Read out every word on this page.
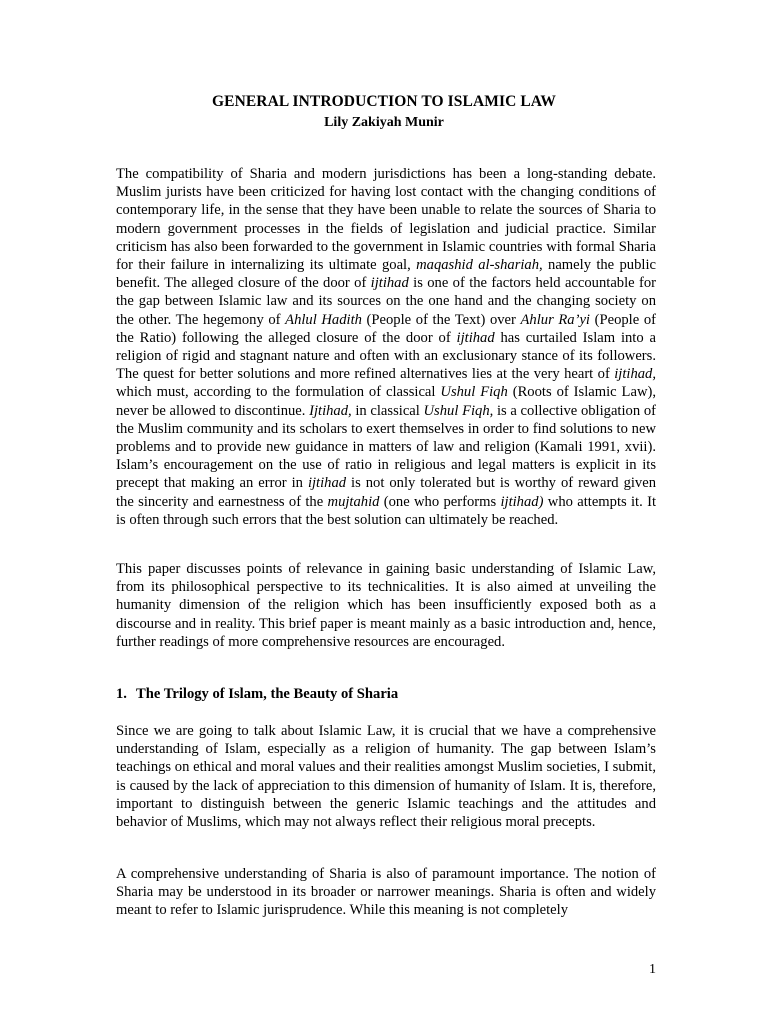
GENERAL INTRODUCTION TO ISLAMIC LAW
Lily Zakiyah Munir

The compatibility of Sharia and modern jurisdictions has been a long-standing debate. Muslim jurists have been criticized for having lost contact with the changing conditions of contemporary life, in the sense that they have been unable to relate the sources of Sharia to modern government processes in the fields of legislation and judicial practice. Similar criticism has also been forwarded to the government in Islamic countries with formal Sharia for their failure in internalizing its ultimate goal, maqashid al-shariah, namely the public benefit. The alleged closure of the door of ijtihad is one of the factors held accountable for the gap between Islamic law and its sources on the one hand and the changing society on the other. The hegemony of Ahlul Hadith (People of the Text) over Ahlur Ra’yi (People of the Ratio) following the alleged closure of the door of ijtihad has curtailed Islam into a religion of rigid and stagnant nature and often with an exclusionary stance of its followers. The quest for better solutions and more refined alternatives lies at the very heart of ijtihad, which must, according to the formulation of classical Ushul Fiqh (Roots of Islamic Law), never be allowed to discontinue. Ijtihad, in classical Ushul Fiqh, is a collective obligation of the Muslim community and its scholars to exert themselves in order to find solutions to new problems and to provide new guidance in matters of law and religion (Kamali 1991, xvii). Islam’s encouragement on the use of ratio in religious and legal matters is explicit in its precept that making an error in ijtihad is not only tolerated but is worthy of reward given the sincerity and earnestness of the mujtahid (one who performs ijtihad) who attempts it. It is often through such errors that the best solution can ultimately be reached.

This paper discusses points of relevance in gaining basic understanding of Islamic Law, from its philosophical perspective to its technicalities. It is also aimed at unveiling the humanity dimension of the religion which has been insufficiently exposed both as a discourse and in reality. This brief paper is meant mainly as a basic introduction and, hence, further readings of more comprehensive resources are encouraged.

1. The Trilogy of Islam, the Beauty of Sharia

Since we are going to talk about Islamic Law, it is crucial that we have a comprehensive understanding of Islam, especially as a religion of humanity. The gap between Islam’s teachings on ethical and moral values and their realities amongst Muslim societies, I submit, is caused by the lack of appreciation to this dimension of humanity of Islam. It is, therefore, important to distinguish between the generic Islamic teachings and the attitudes and behavior of Muslims, which may not always reflect their religious moral precepts.

A comprehensive understanding of Sharia is also of paramount importance. The notion of Sharia may be understood in its broader or narrower meanings. Sharia is often and widely meant to refer to Islamic jurisprudence. While this meaning is not completely

1
